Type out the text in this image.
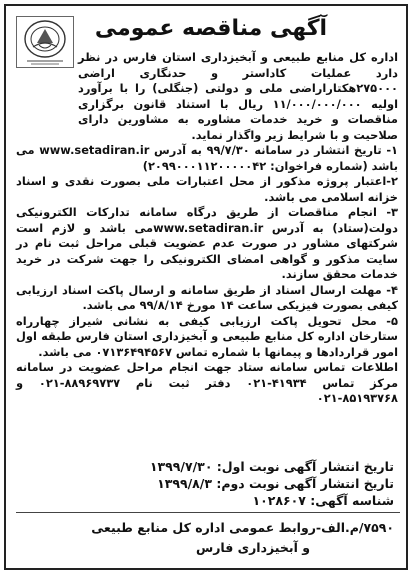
آگهی مناقصه عمومی

اداره کل منابع طبیعی و آبخیزداری استان فارس در نظر دارد عملیات کاداستر و حدنگاری اراضی ۲۷۵۰۰۰هکتاراراضی ملی و دولتی (جنگلی) را با برآورد اولیه ۱۱/۰۰۰/۰۰۰/۰۰۰ ریال با استناد قانون برگزاری مناقصات و خرید خدمات مشاوره به مشاورین دارای صلاحیت و با شرایط زیر واگذار نماید.

۱- تاریخ انتشار در سامانه ۹۹/۷/۳۰ به آدرس www.setadiran.ir می باشد (شماره فراخوان: ۲۰۹۹۰۰۰۱۱۲۰۰۰۰۰۴۲)

۲-اعتبار پروژه مذکور از محل اعتبارات ملی بصورت نقدی و اسناد خزانه اسلامی می باشد.

۳- انجام مناقصات از طریق درگاه سامانه تدارکات الکترونیکی دولت(ستاد) به آدرس www.setadiran.irمی باشد و لازم است شرکتهای مشاور در صورت عدم عضویت قبلی مراحل ثبت نام در سایت مذکور و گواهی امضای الکترونیکی را جهت شرکت در خرید خدمات محقق سازند.

۴- مهلت ارسال اسناد از طریق سامانه و ارسال پاکت اسناد ارزیابی کیفی بصورت فیزیکی ساعت ۱۴ مورخ ۹۹/۸/۱۴ می باشد.

۵- محل تحویل پاکت ارزیابی کیفی به نشانی شیراز چهارراه ستارخان اداره کل منابع طبیعی و آبخیزداری استان فارس طبقه اول امور قراردادها و پیمانها با شماره تماس ۰۷۱۳۶۴۹۴۵۶۷ می باشد.

اطلاعات تماس سامانه ستاد جهت انجام مراحل عضویت در سامانه مرکز تماس ۴۱۹۳۴-۰۲۱ دفتر ثبت نام ۸۸۹۶۹۷۳۷-۰۲۱ و ۸۵۱۹۳۷۶۸-۰۲۱

تاریخ انتشار آگهی نوبت اول: ۱۳۹۹/۷/۳۰
تاریخ انتشار آگهی نوبت دوم: ۱۳۹۹/۸/۳
شناسه آگهی: ۱۰۲۸۶۰۷
۷۵۹۰/م.الف-روابط عمومی اداره کل منابع طبیعی
و آبخیزداری فارس
